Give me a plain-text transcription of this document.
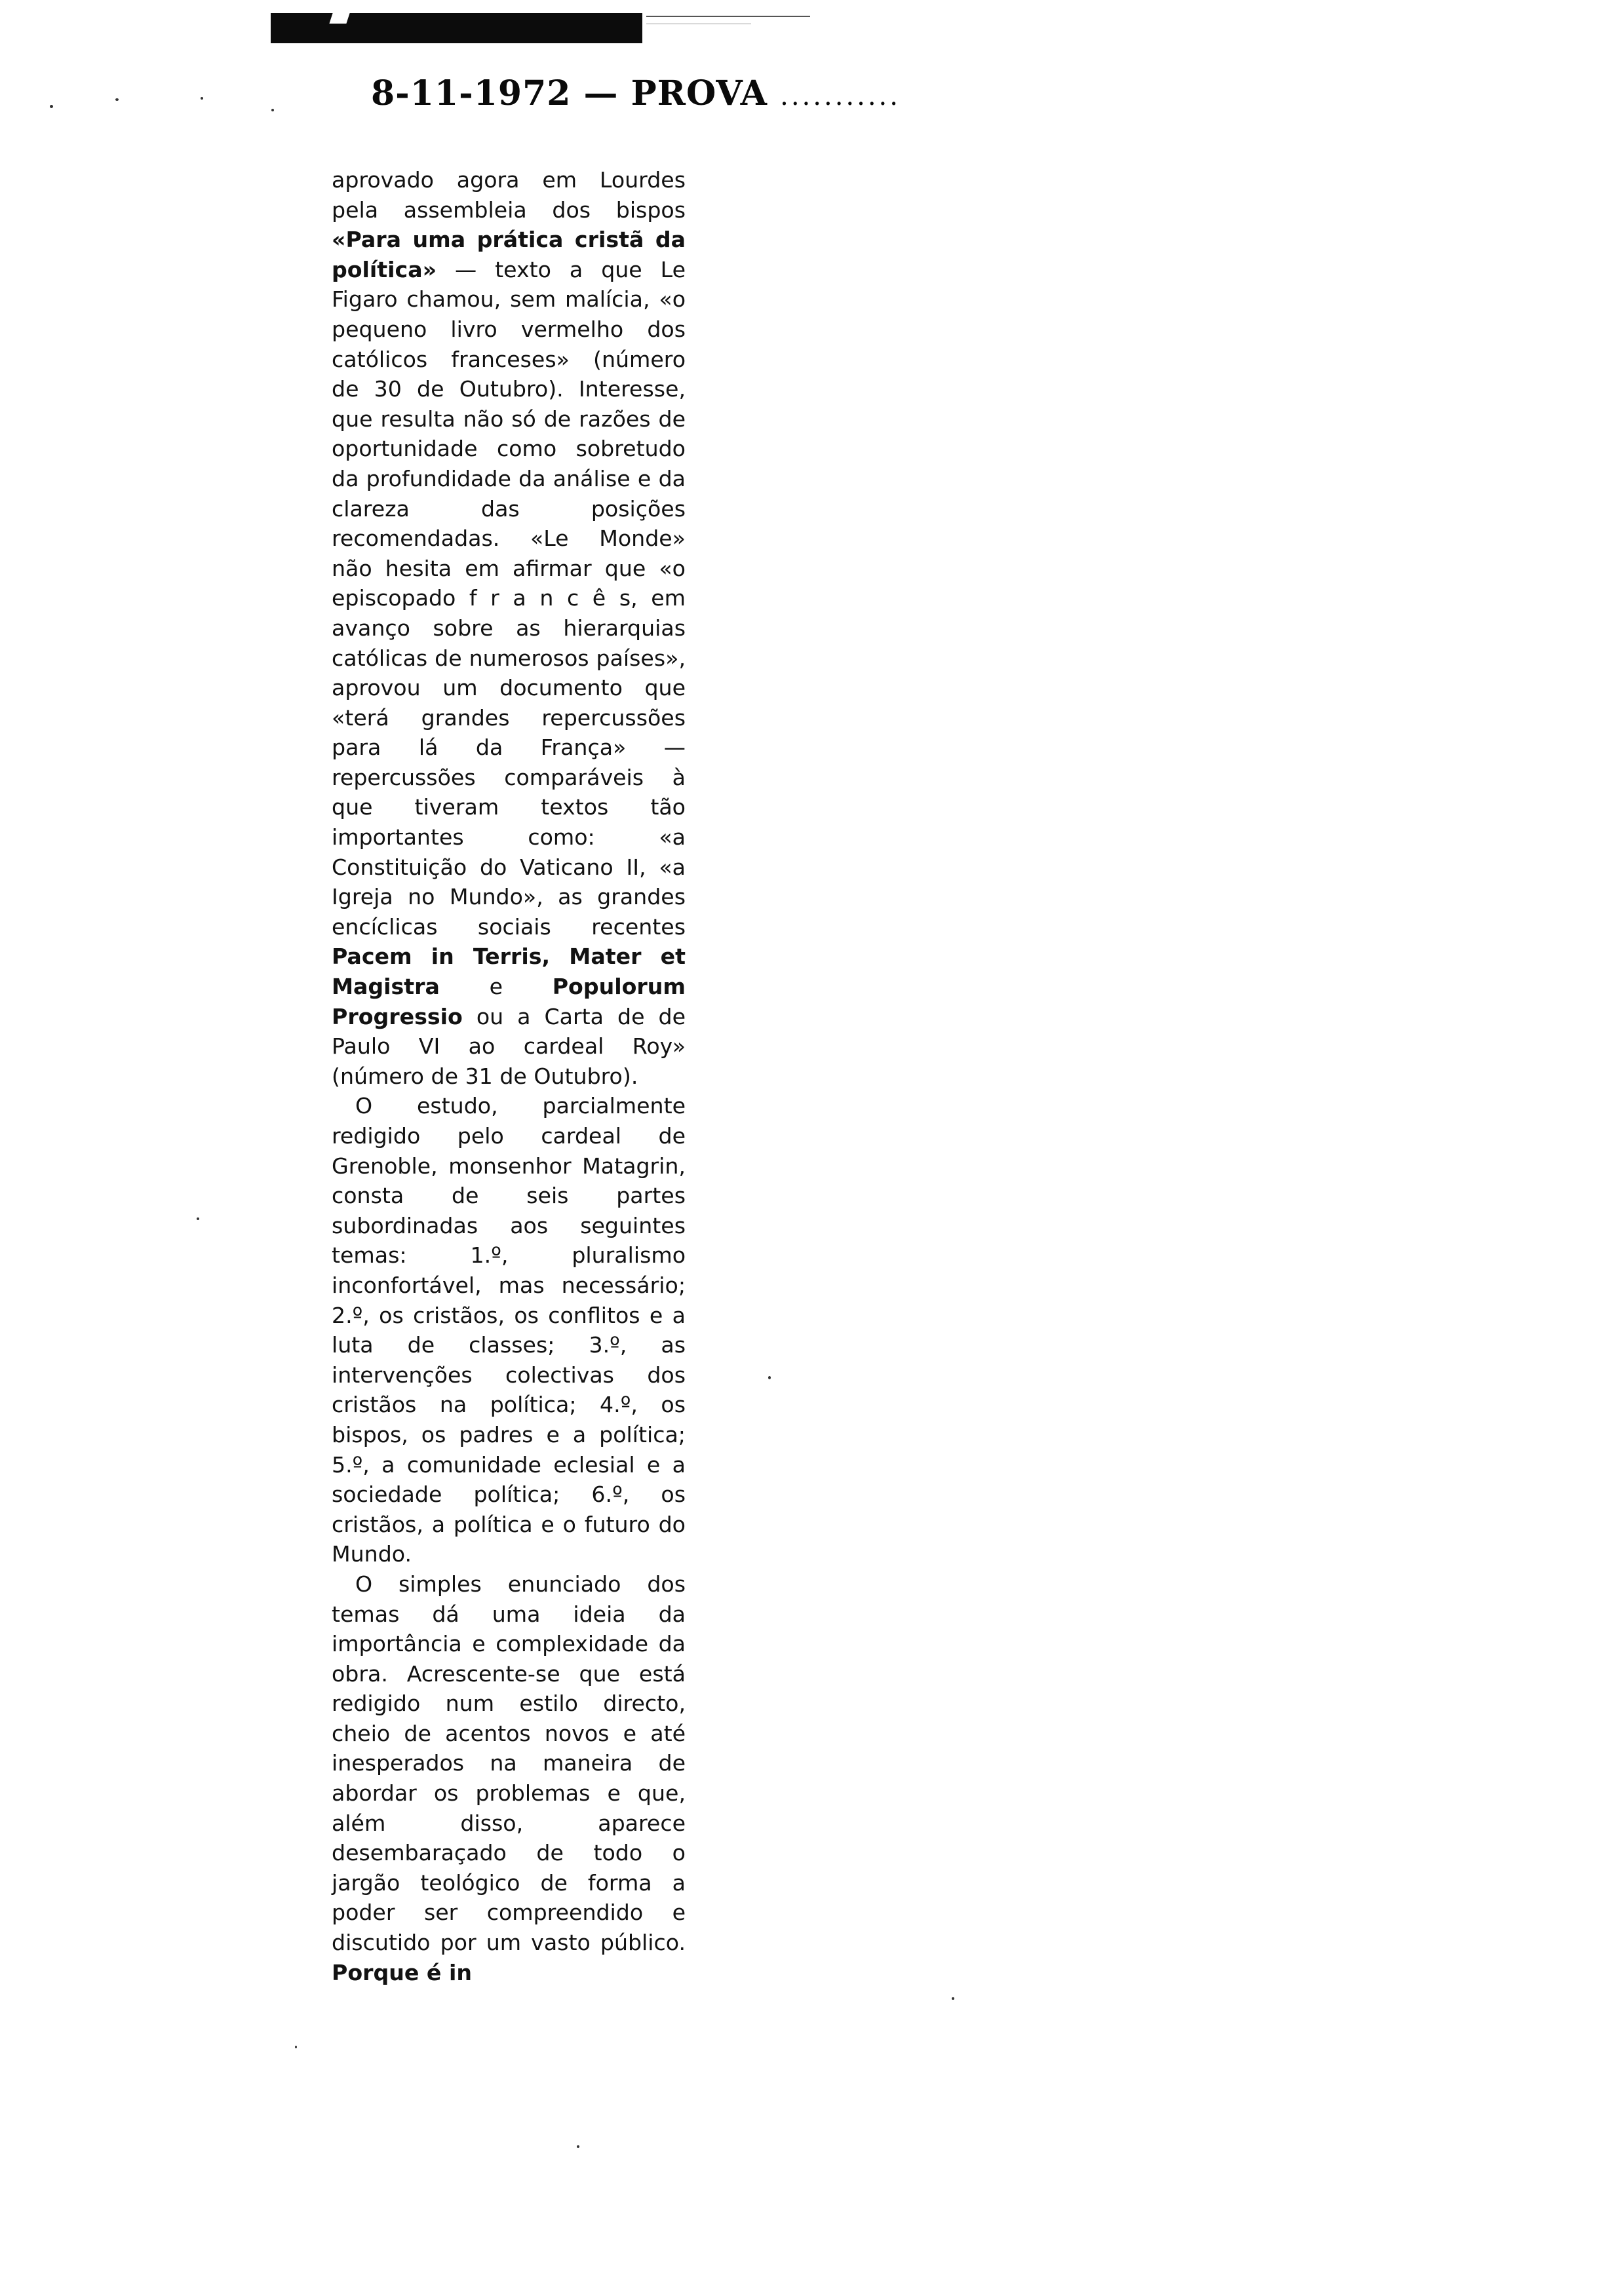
8-11-1972 — PROVA ...........

aprovado agora em Lourdes pela assembleia dos bispos «Para uma prática cristã da política» — texto a que Le Figaro chamou, sem malícia, «o pequeno livro vermelho dos católicos franceses» (número de 30 de Outubro). Interesse, que resulta não só de razões de oportunidade como sobretudo da profundidade da análise e da clareza das posições recomendadas. «Le Monde» não hesita em afirmar que «o episcopado f r a n c ê s, em avanço sobre as hierarquias católicas de numerosos países», aprovou um documento que «terá grandes repercussões para lá da França» — repercussões comparáveis à que tiveram textos tão importantes como: «a Constituição do Vaticano II, «a Igreja no Mundo», as grandes encíclicas sociais recentes Pacem in Terris, Mater et Magistra e Populorum Progressio ou a Carta de de Paulo VI ao cardeal Roy» (número de 31 de Outubro).

O estudo, parcialmente redigido pelo cardeal de Grenoble, monsenhor Matagrin, consta de seis partes subordinadas aos seguintes temas: 1.º, pluralismo inconfortável, mas necessário; 2.º, os cristãos, os conflitos e a luta de classes; 3.º, as intervenções colectivas dos cristãos na política; 4.º, os bispos, os padres e a política; 5.º, a comunidade eclesial e a sociedade política; 6.º, os cristãos, a política e o futuro do Mundo.

O simples enunciado dos temas dá uma ideia da importância e complexidade da obra. Acrescente-se que está redigido num estilo directo, cheio de acentos novos e até inesperados na maneira de abordar os problemas e que, além disso, aparece desembaraçado de todo o jargão teológico de forma a poder ser compreendido e discutido por um vasto público. Porque é in
